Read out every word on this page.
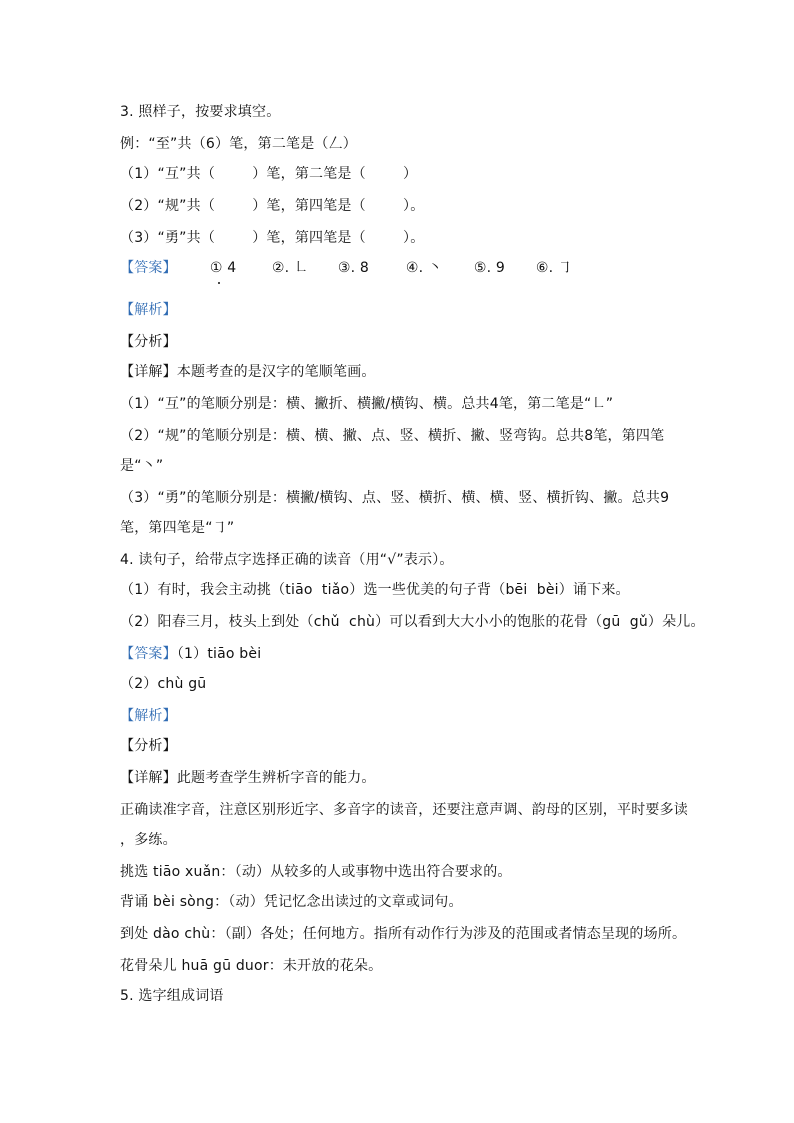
3. 照样子，按要求填空。
例：“至”共（6）笔，第二笔是（𠃋）
（1）“互”共（        ）笔，第二笔是（        ）
（2）“规”共（        ）笔，第四笔是（        ）。
（3）“勇”共（        ）笔，第四笔是（        ）。
【答案】 ① 4	②. ㇗	③. 8	④. ㇔	⑤. 9	⑥. ㇆
【解析】
【分析】
【详解】本题考查的是汉字的笔顺笔画。
（1）“互”的笔顺分别是：横、撇折、横撇/横钩、横。总共4笔，第二笔是“㇗”
（2）“规”的笔顺分别是：横、横、撇、点、竖、横折、撇、竖弯钩。总共8笔，第四笔
是“㇔”
（3）“勇”的笔顺分别是：横撇/横钩、点、竖、横折、横、横、竖、横折钩、撇。总共9
笔，第四笔是“㇆”
4. 读句子，给带点字选择正确的读音（用“√”表示）。
（1）有时，我会主动挑（tiāo  tiǎo）选一些优美的句子背（bēi  bèi）诵下来。
（2）阳春三月，枝头上到处（chǔ  chù）可以看到大大小小的饱胀的花骨（gū  gǔ）朵儿。
【答案】（1）tiāo bèi
（2）chù gū
【解析】
【分析】
【详解】此题考查学生辨析字音的能力。
正确读准字音，注意区别形近字、多音字的读音，还要注意声调、韵母的区别，平时要多读
，多练。
挑选 tiāo xuǎn：（动）从较多的人或事物中选出符合要求的。
背诵 bèi sòng：（动）凭记忆念出读过的文章或词句。
到处 dào chù：（副）各处；任何地方。指所有动作行为涉及的范围或者情态呈现的场所。
花骨朵儿 huā gū duor：未开放的花朵。
5. 选字组成词语
